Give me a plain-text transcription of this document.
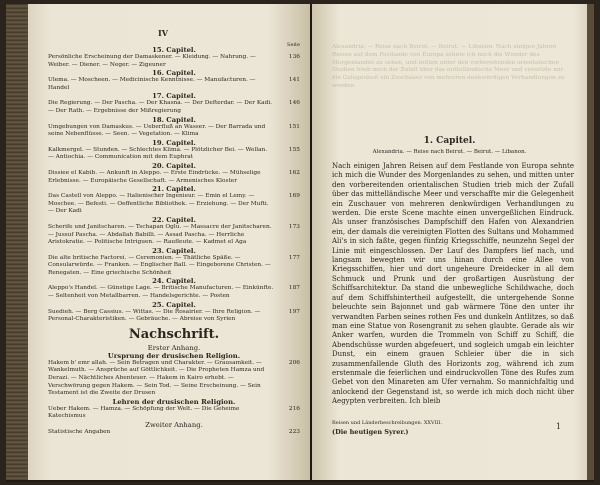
IV
Seite
15. Capitel.
Persönliche Erscheinung der Damaskener. — Kleidung. — Nahrung. — Weiber. — Diener. — Neger. — Zigeuner
136
16. Capitel.
Ulema. — Moscheen. — Medicinische Kenntnisse. — Manufacturen. — Handel
141
17. Capitel.
Die Regierung. — Der Pascha. — Der Khasna. — Der Defterdar. — Der Kadi. — Der Rath. — Ergebnisse der Mißregierung
146
18. Capitel.
Umgebungen von Damaskus. — Ueberfluß an Wasser. — Der Barrada und seine Nebenflüsse. — Seen. — Vegetation. — Klima
151
19. Capitel.
Kalkmergel. — Stunden. — Schlechtes Klima. — Plötzlicher Bei. — Wellan. — Antiochia. — Communication mit dem Euphrat
155
20. Capitel.
Dissiee el Kabib. — Ankunft in Aleppo. — Erste Eindrücke. — Mühselige Erlebnisse. — Europäische Gesellschaft. — Armenisches Kloster
162
21. Capitel.
Das Castell von Aleppo. — Italienischer Ingenieur. — Emin el Lemy. — Moschee. — Befesti. — Oeffentliche Bibliothek. — Erziehung. — Der Mufti. — Der Kadi
169
22. Capitel.
Scherife und Janitscharen. — Tschapan Oglu. — Massacre der Janitscharen. — Jussuf Pascha. — Abdallah Babilli. — Assad Pascha. — Herrliche Aristokratie. — Politische Intriguen. — Raufleute. — Kadmet el Aga
173
23. Capitel.
Die alte britische Factorei. — Ceremonien. — Thätliche Späße. — Consularwürde. — Franken. — Englischer Ball. — Eingeborene Christen. — Renegaten. — Eine griechische Schönheit
177
24. Capitel.
Aleppo's Handel. — Günstige Lage. — Britische Manufacturen. — Einkünfte. — Seltenheit von Metallbarren. — Handelsgerichte. — Posten
187
25. Capitel.
Suedieh. — Berg Cassius. — Wittas. — Die Rosairier. — Ihre Religion. — Personal-Charakteristiken. — Gebräuche. — Abreise von Syrien
197
Nachschrift.
Erster Anhang.
Ursprung der drusischen Religion.
Hakem b' emr allah. — Sein Betragen und Charakter. — Grausamkeit. — Wankelmuth. — Ansprüche auf Göttlichkeit. — Die Propheten Hamza und Derazi. — Nächtliches Abenteuer. — Hakem in Kairo erhebt. — Verschwörung gegen Hakem. — Sein Tod. — Seine Erscheinung. — Sein Testament ist die Zweite der Drusen
206
Lehren der drusischen Religion.
Ueber Hakem. — Hamza. — Schöpfung der Welt. — Die Geheime Katechismus
216
Zweiter Anhang.
Statistische Angaben	223
Alexandria. — Reise nach Beirut. — Beirut. — Libanon. Nach einigen Jahren Reisen auf dem Festlande von Europa sehnte ich mich die Wunder des Morgenlandes zu sehen, und mitten unter den vorbereitenden orientalischen Studien trieb mich der Zufall über das mittelländische Meer und versetzte mir die Gelegenheit ein Zuschauer von mehreren denkwürdigen Verhandlungen zu werden.
1. Capitel.
Alexandria. — Reise nach Beirut. — Beirut. — Libanon.
Nach einigen Jahren Reisen auf dem Festlande von Europa sehnte ich mich die Wunder des Morgenlandes zu sehen, und mitten unter den vorbereitenden orientalischen Studien trieb mich der Zufall über das mittelländische Meer und verschaffte mir die Gelegenheit ein Zuschauer von mehreren denkwürdigen Verhandlungen zu werden. Die erste Scene machte einen unvergeßlichen Eindruck. Als unser französisches Dampfschiff den Hafen von Alexandrien ein, der damals die vereinigten Flotten des Sultans und Mohammed Ali's in sich faßte, gegen fünfzig Kriegsschiffe, neunzehn Segel der Linie mit eingeschlossen. Der Lauf des Dampfers lief nach, und langsam bewegten wir uns hinan durch eine Allee von Kriegsschiffen, hier und dort ungeheure Dreidecker in all dem Schmuck und Prunk und der großartigen Ausrüstung der Schiffsarchitektur. Da stand die unbewegliche Schildwache, doch auf dem Schiffshintertheil aufgestellt, die untergehende Sonne beleuchte sein Bajonnet und gab wärmere Töne den unter ihr verwandten Farben seines rothen Fes und dunkeln Antlitzes, so daß man eine Statue von Rosengranit zu sehen glaubte. Gerade als wir Anker warfen, wurden die Trommeln von Schiff zu Schiff, die Abendschüsse wurden abgefeuert, und sogleich umgab ein leichter Dunst, ein einem grauen Schleier über die in sich zusammenfallende Gluth des Horizonts zog, während ich zum erstenmale die feierlichen und eindruckvollen Töne des Rufes zum Gebet von den Minareten am Ufer vernahm. So mannichfaltig und anlockend der Gegenstand ist, so werde ich mich doch nicht über Aegypten verbreiten. Ich bleib
Reisen und Länderbeschreibungen. XXVIII.
(Die heutigen Syrer.)
1
